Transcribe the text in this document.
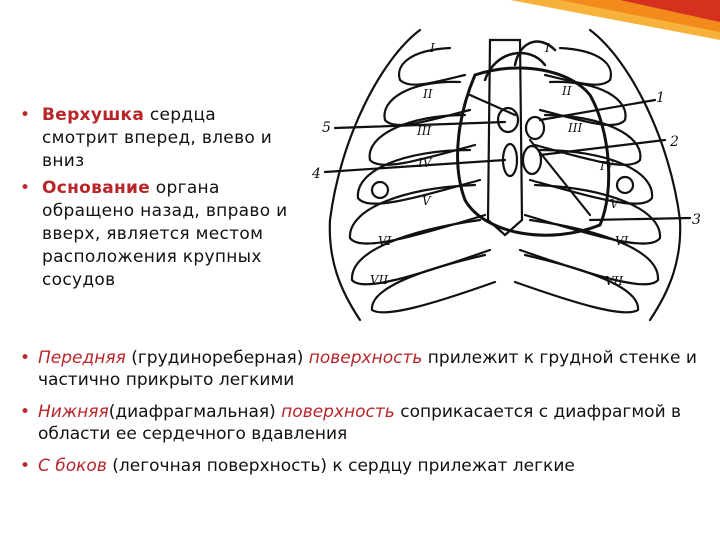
• Верхушка сердца смотрит вперед, влево и вниз
• Основание органа обращено назад, вправо и вверх, является местом расположения крупных сосудов
• Передняя (грудинореберная) поверхность прилежит к грудной стенке и частично прикрыто легкими
• Нижняя(диафрагмальная) поверхность соприкасается с диафрагмой в области ее сердечного вдавления
• С боков (легочная поверхность) к сердцу прилежат легкие
I
II
III
IV
V
VI
VII
I
II
III
IV
V
VI
VII
1
2
3
4
5
